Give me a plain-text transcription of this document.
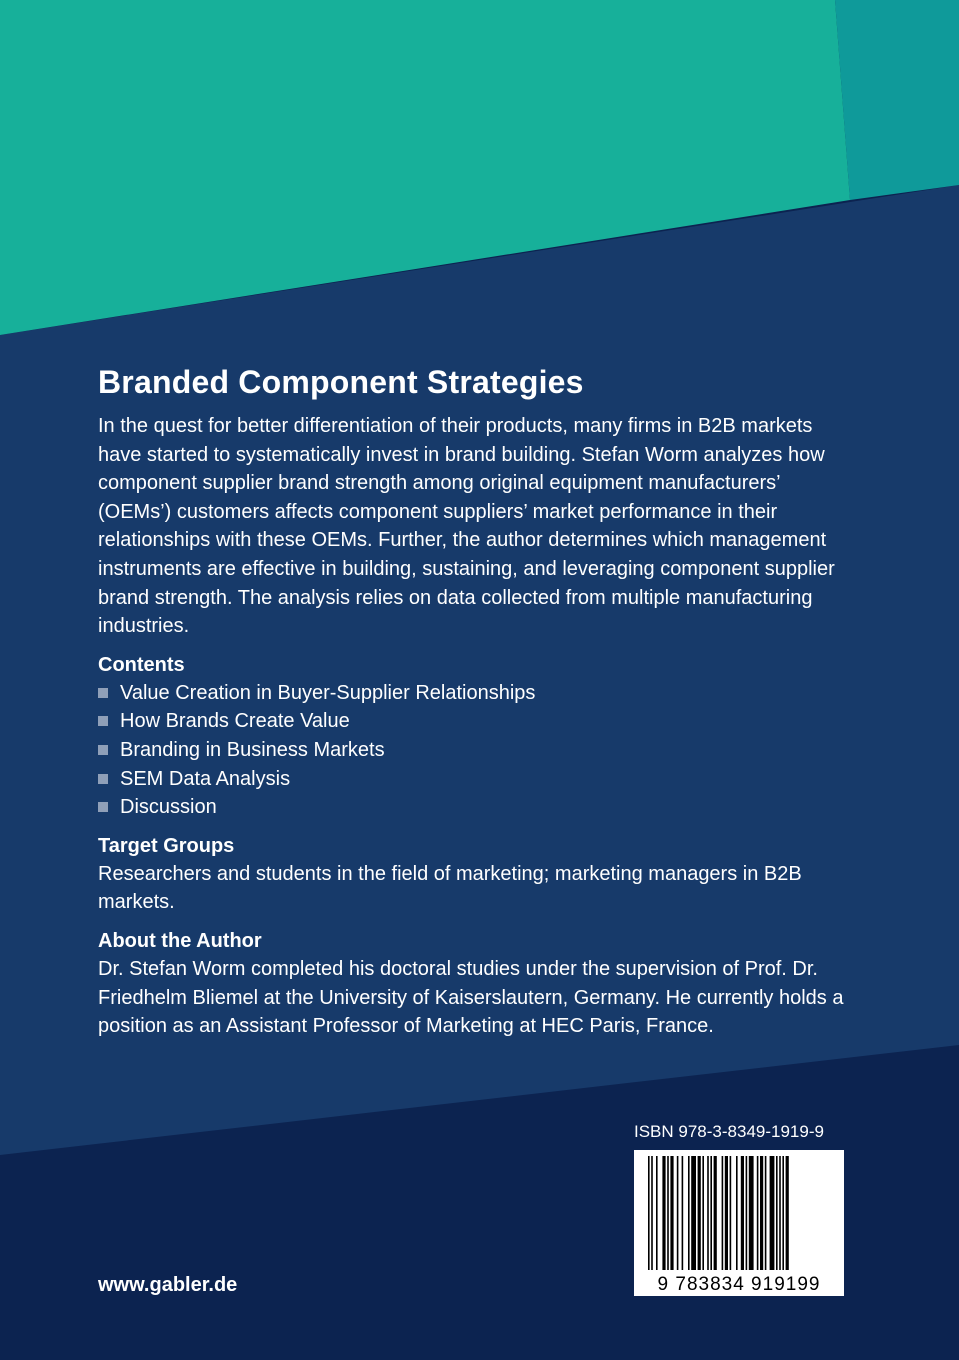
Branded Component Strategies

In the quest for better differentiation of their products, many firms in B2B markets have started to systematically invest in brand building. Stefan Worm analyzes how component supplier brand strength among original equipment manufacturers’ (OEMs’) customers affects component suppliers’ market performance in their relationships with these OEMs. Further, the author determines which management instruments are effective in building, sustaining, and leveraging component supplier brand strength. The analysis relies on data collected from multiple manufacturing industries.

Contents
Value Creation in Buyer-Supplier Relationships
How Brands Create Value
Branding in Business Markets
SEM Data Analysis
Discussion
Target Groups

Researchers and students in the field of marketing; marketing managers in B2B markets.

About the Author

Dr. Stefan Worm completed his doctoral studies under the supervision of Prof. Dr. Friedhelm Bliemel at the University of Kaiserslautern, Germany. He currently holds a position as an Assistant Professor of Marketing at HEC Paris, France.

ISBN 978-3-8349-1919-9
9 783834 919199
www.gabler.de
